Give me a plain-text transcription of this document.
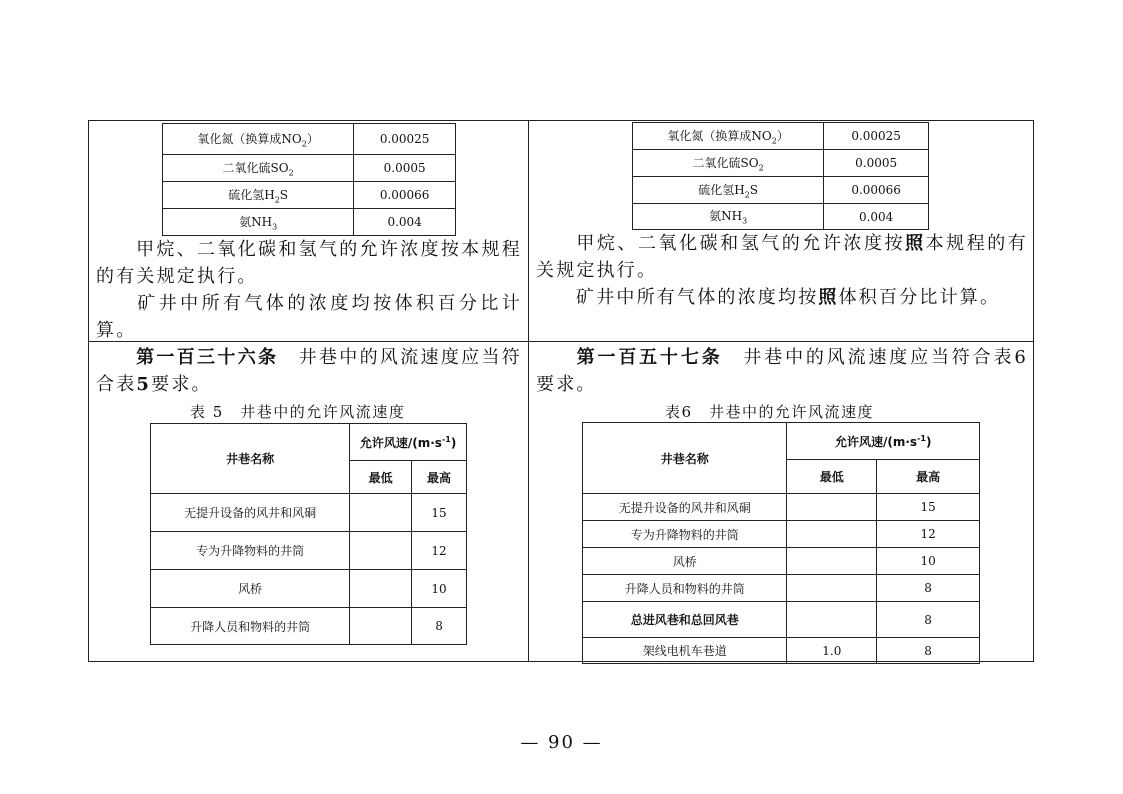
氧化氮（换算成$NO_2$）	0.00025
二氧化硫$SO_2$	0.0005
硫化氢$H_2S$	0.00066
氨$NH_3$	0.004
氧化氮（换算成$NO_2$）	0.00025
二氧化硫$SO_2$	0.0005
硫化氢$H_2S$	0.00066
氨$NH_3$	0.004
甲烷、二氧化碳和氢气的允许浓度按本规程的有关规定执行。
矿井中所有气体的浓度均按体积百分比计算。
甲烷、二氧化碳和氢气的允许浓度按照本规程的有关规定执行。
矿井中所有气体的浓度均按照体积百分比计算。
第一百三十六条　 井巷中的风流速度应当符合表5要求。
表 5　井巷中的允许风流速度
第一百五十七条　 井巷中的风流速度应当符合表6要求。
表6　井巷中的允许风流速度
井巷名称	允许风速$/(m\cdot s^{-1})$	
	最低	最高
无提升设备的风井和风硐		15
专为升降物料的井筒		12
风桥		10
升降人员和物料的井筒		8
井巷名称	允许风速$/(m\cdot s^{-1})$	
	最低	最高
无提升设备的风井和风硐		15
专为升降物料的井筒		12
风桥		10
升降人员和物料的井筒		8
总进风巷和总回风巷		8
架线电机车巷道	1.0	8
— 90 —
